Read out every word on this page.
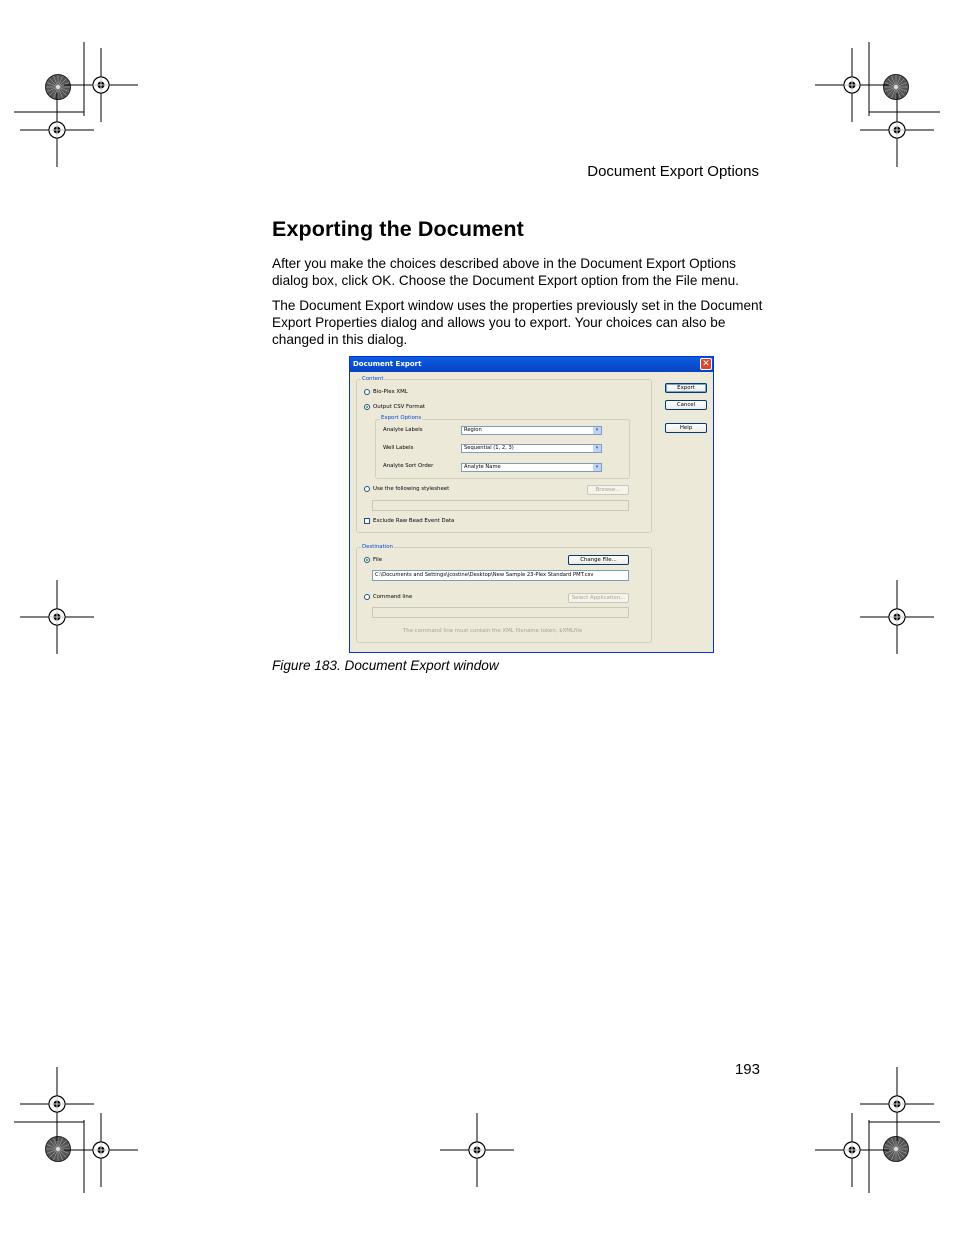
Document Export Options
Exporting the Document

After you make the choices described above in the Document Export Options dialog box, click OK. Choose the Document Export option from the File menu.

The Document Export window uses the properties previously set in the Document Export Properties dialog and allows you to export. Your choices can also be changed in this dialog.

Document Export	✕
Content
Bio-Plex XML
Output CSV Format
Export Options
Analyte Labels	Region	▾
Well Labels	Sequential (1, 2, 3)	▾
Analyte Sort Order	Analyte Name	▾
Use the following stylesheet	Browse...
Exclude Raw Bead Event Data
Destination
File	Change File...
C:\Documents and Settings\jcostine\Desktop\New Sample 23-Plex Standard PMT.csv
Command line	Select Application...
The command line must contain the XML filename token, $XMLfile
Export
Cancel
Help
Figure 183. Document Export window
193
